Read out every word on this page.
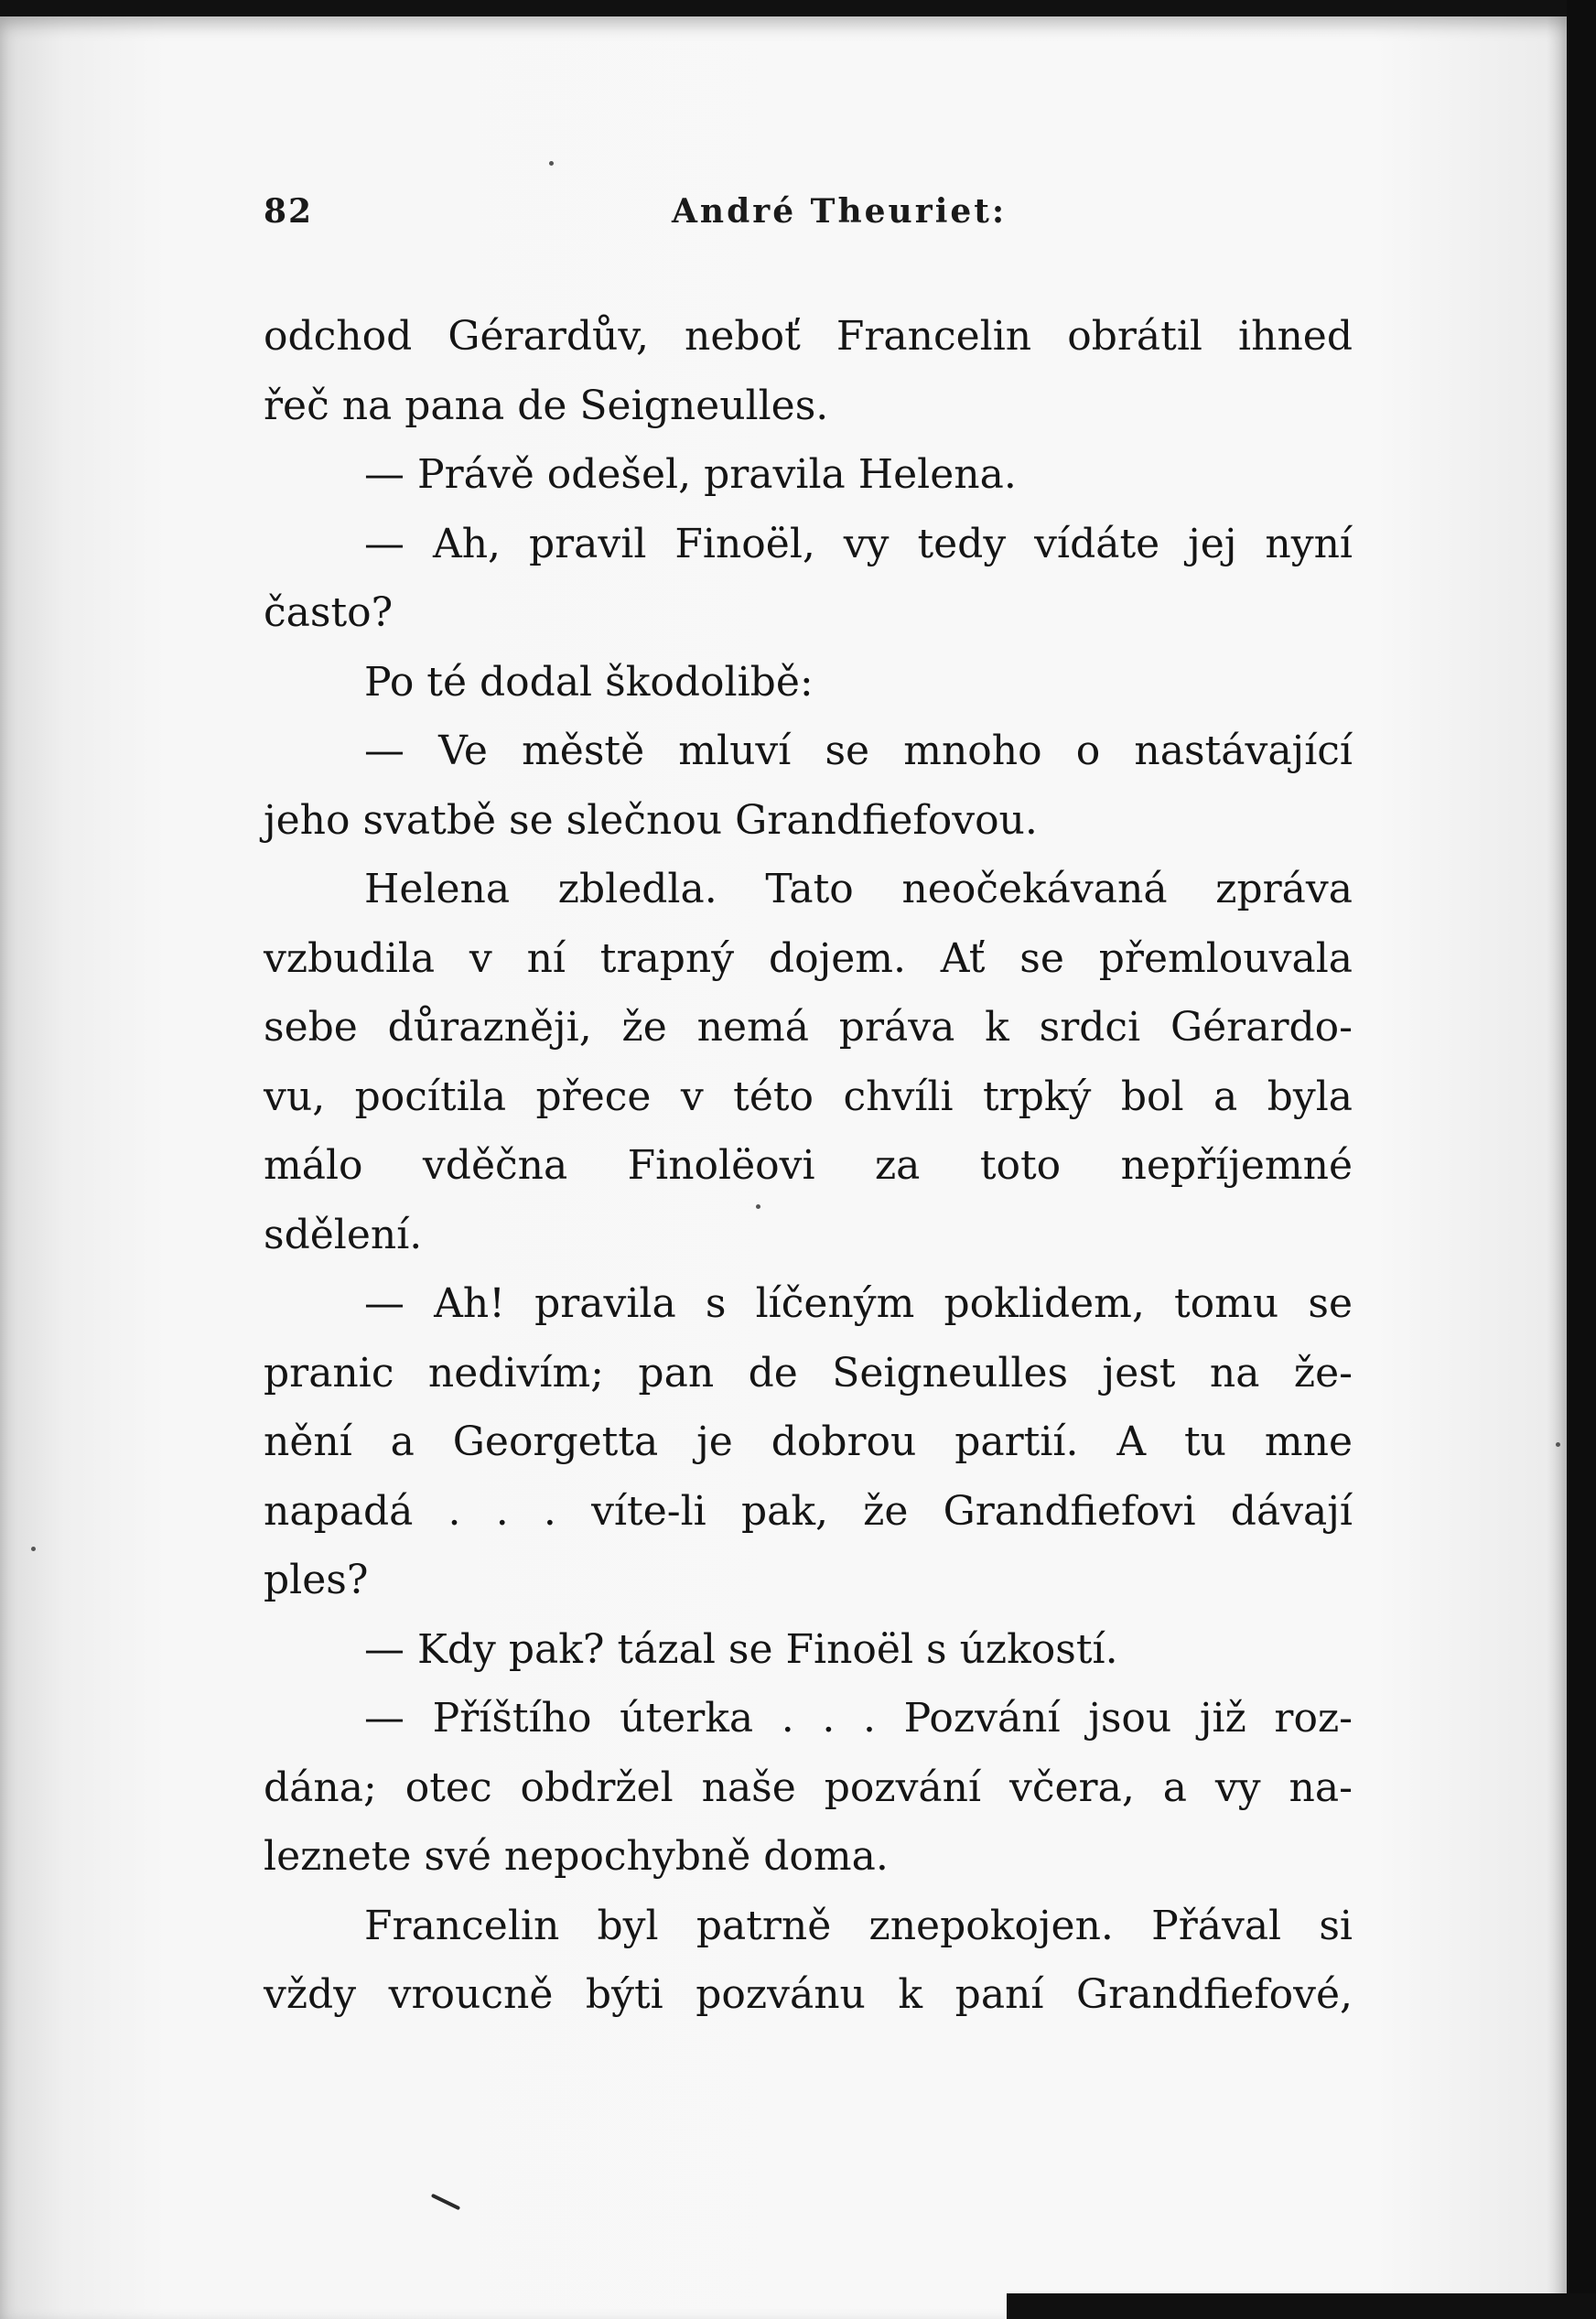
82	André Theuriet:
odchod Gérardův, neboť Francelin obrátil ihned
řeč na pana de Seigneulles.
— Právě odešel, pravila Helena.
— Ah, pravil Finoël, vy tedy vídáte jej nyní
často?
Po té dodal škodolibě:
— Ve městě mluví se mnoho o nastávající
jeho svatbě se slečnou Grandfiefovou.
Helena zbledla. Tato neočekávaná zpráva
vzbudila v ní trapný dojem. Ať se přemlouvala
sebe důrazněji, že nemá práva k srdci Gérardo-
vu, pocítila přece v této chvíli trpký bol a byla
málo vděčna Finolëovi za toto nepříjemné
sdělení.
— Ah! pravila s líčeným poklidem, tomu se
pranic nedivím; pan de Seigneulles jest na že-
nění a Georgetta je dobrou partií. A tu mne
napadá . . . víte-li pak, že Grandfiefovi dávají
ples?
— Kdy pak? tázal se Finoël s úzkostí.
— Příštího úterka . . . Pozvání jsou již roz-
dána; otec obdržel naše pozvání včera, a vy na-
leznete své nepochybně doma.
Francelin byl patrně znepokojen. Přával si
vždy vroucně býti pozvánu k paní Grandfiefové,
